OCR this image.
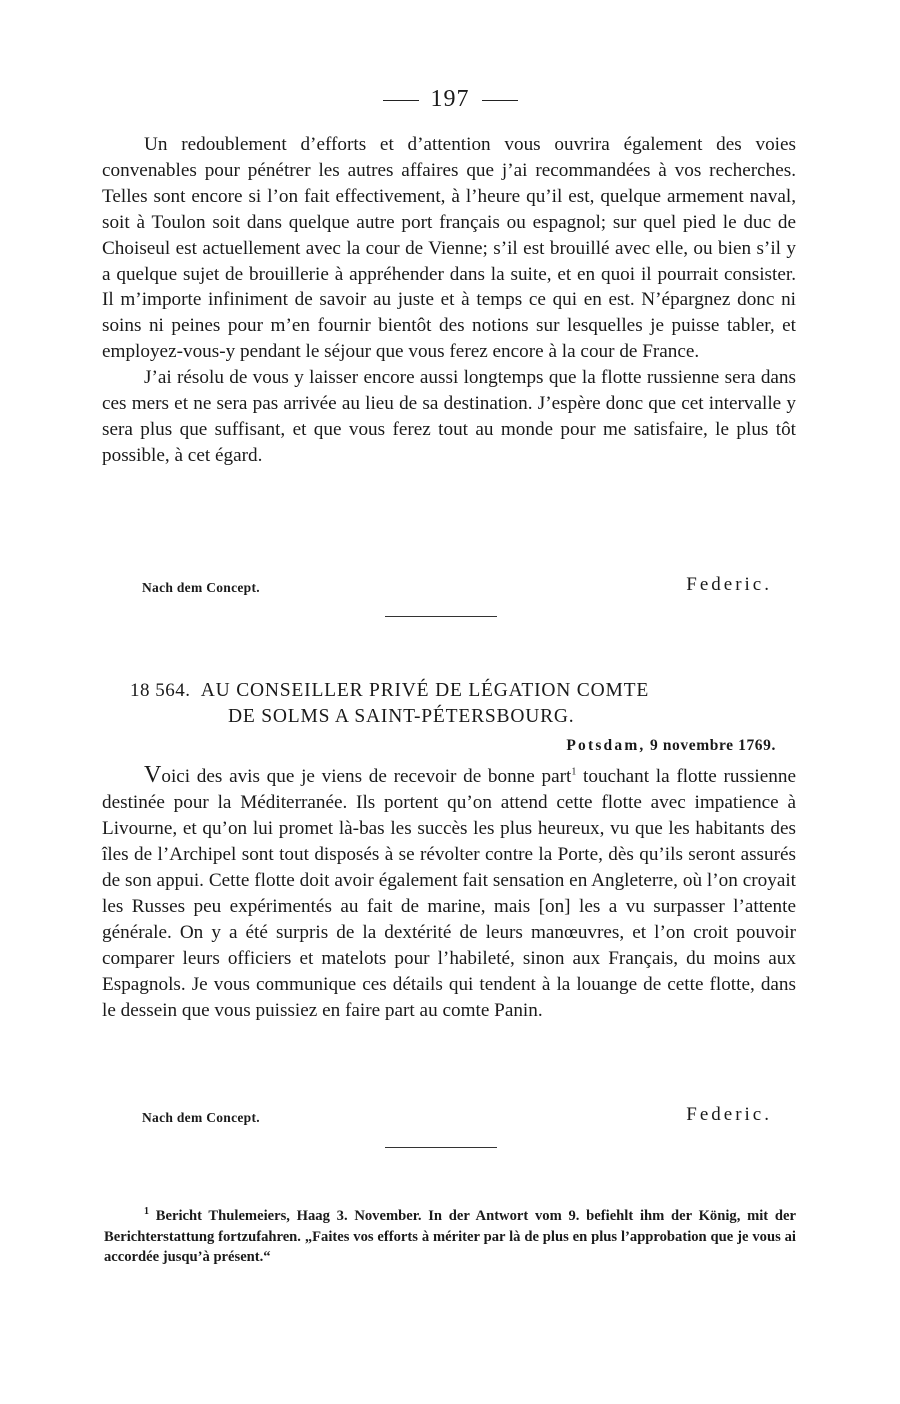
197

Un redoublement d’efforts et d’attention vous ouvrira également des voies convenables pour pénétrer les autres affaires que j’ai recommandées à vos recherches. Telles sont encore si l’on fait effectivement, à l’heure qu’il est, quelque armement naval, soit à Toulon soit dans quelque autre port français ou espagnol; sur quel pied le duc de Choiseul est actuellement avec la cour de Vienne; s’il est brouillé avec elle, ou bien s’il y a quelque sujet de brouillerie à appréhender dans la suite, et en quoi il pourrait consister. Il m’importe infiniment de savoir au juste et à temps ce qui en est. N’épargnez donc ni soins ni peines pour m’en fournir bientôt des notions sur lesquelles je puisse tabler, et employez-vous-y pendant le séjour que vous ferez encore à la cour de France.

J’ai résolu de vous y laisser encore aussi longtemps que la flotte russienne sera dans ces mers et ne sera pas arrivée au lieu de sa destination. J’espère donc que cet intervalle y sera plus que suffisant, et que vous ferez tout au monde pour me satisfaire, le plus tôt possible, à cet égard.

Nach dem Concept.	Federic.
18 564. AU CONSEILLER PRIVÉ DE LÉGATION COMTE
DE SOLMS A SAINT-PÉTERSBOURG.
Potsdam, 9 novembre 1769.

Voici des avis que je viens de recevoir de bonne part$^1$ touchant la flotte russienne destinée pour la Méditerranée. Ils portent qu’on attend cette flotte avec impatience à Livourne, et qu’on lui promet là-bas les succès les plus heureux, vu que les habitants des îles de l’Archipel sont tout disposés à se révolter contre la Porte, dès qu’ils seront assurés de son appui. Cette flotte doit avoir également fait sensation en Angleterre, où l’on croyait les Russes peu expérimentés au fait de marine, mais [on] les a vu surpasser l’attente générale. On y a été surpris de la dextérité de leurs manœuvres, et l’on croit pouvoir comparer leurs officiers et matelots pour l’habileté, sinon aux Français, du moins aux Espagnols. Je vous communique ces détails qui tendent à la louange de cette flotte, dans le dessein que vous puissiez en faire part au comte Panin.

Nach dem Concept.	Federic.
$^1$ Bericht Thulemeiers, Haag 3. November. In der Antwort vom 9. befiehlt ihm der König, mit der Berichterstattung fortzufahren. „Faites vos efforts à mériter par là de plus en plus l’approbation que je vous ai accordée jusqu’à présent.“
